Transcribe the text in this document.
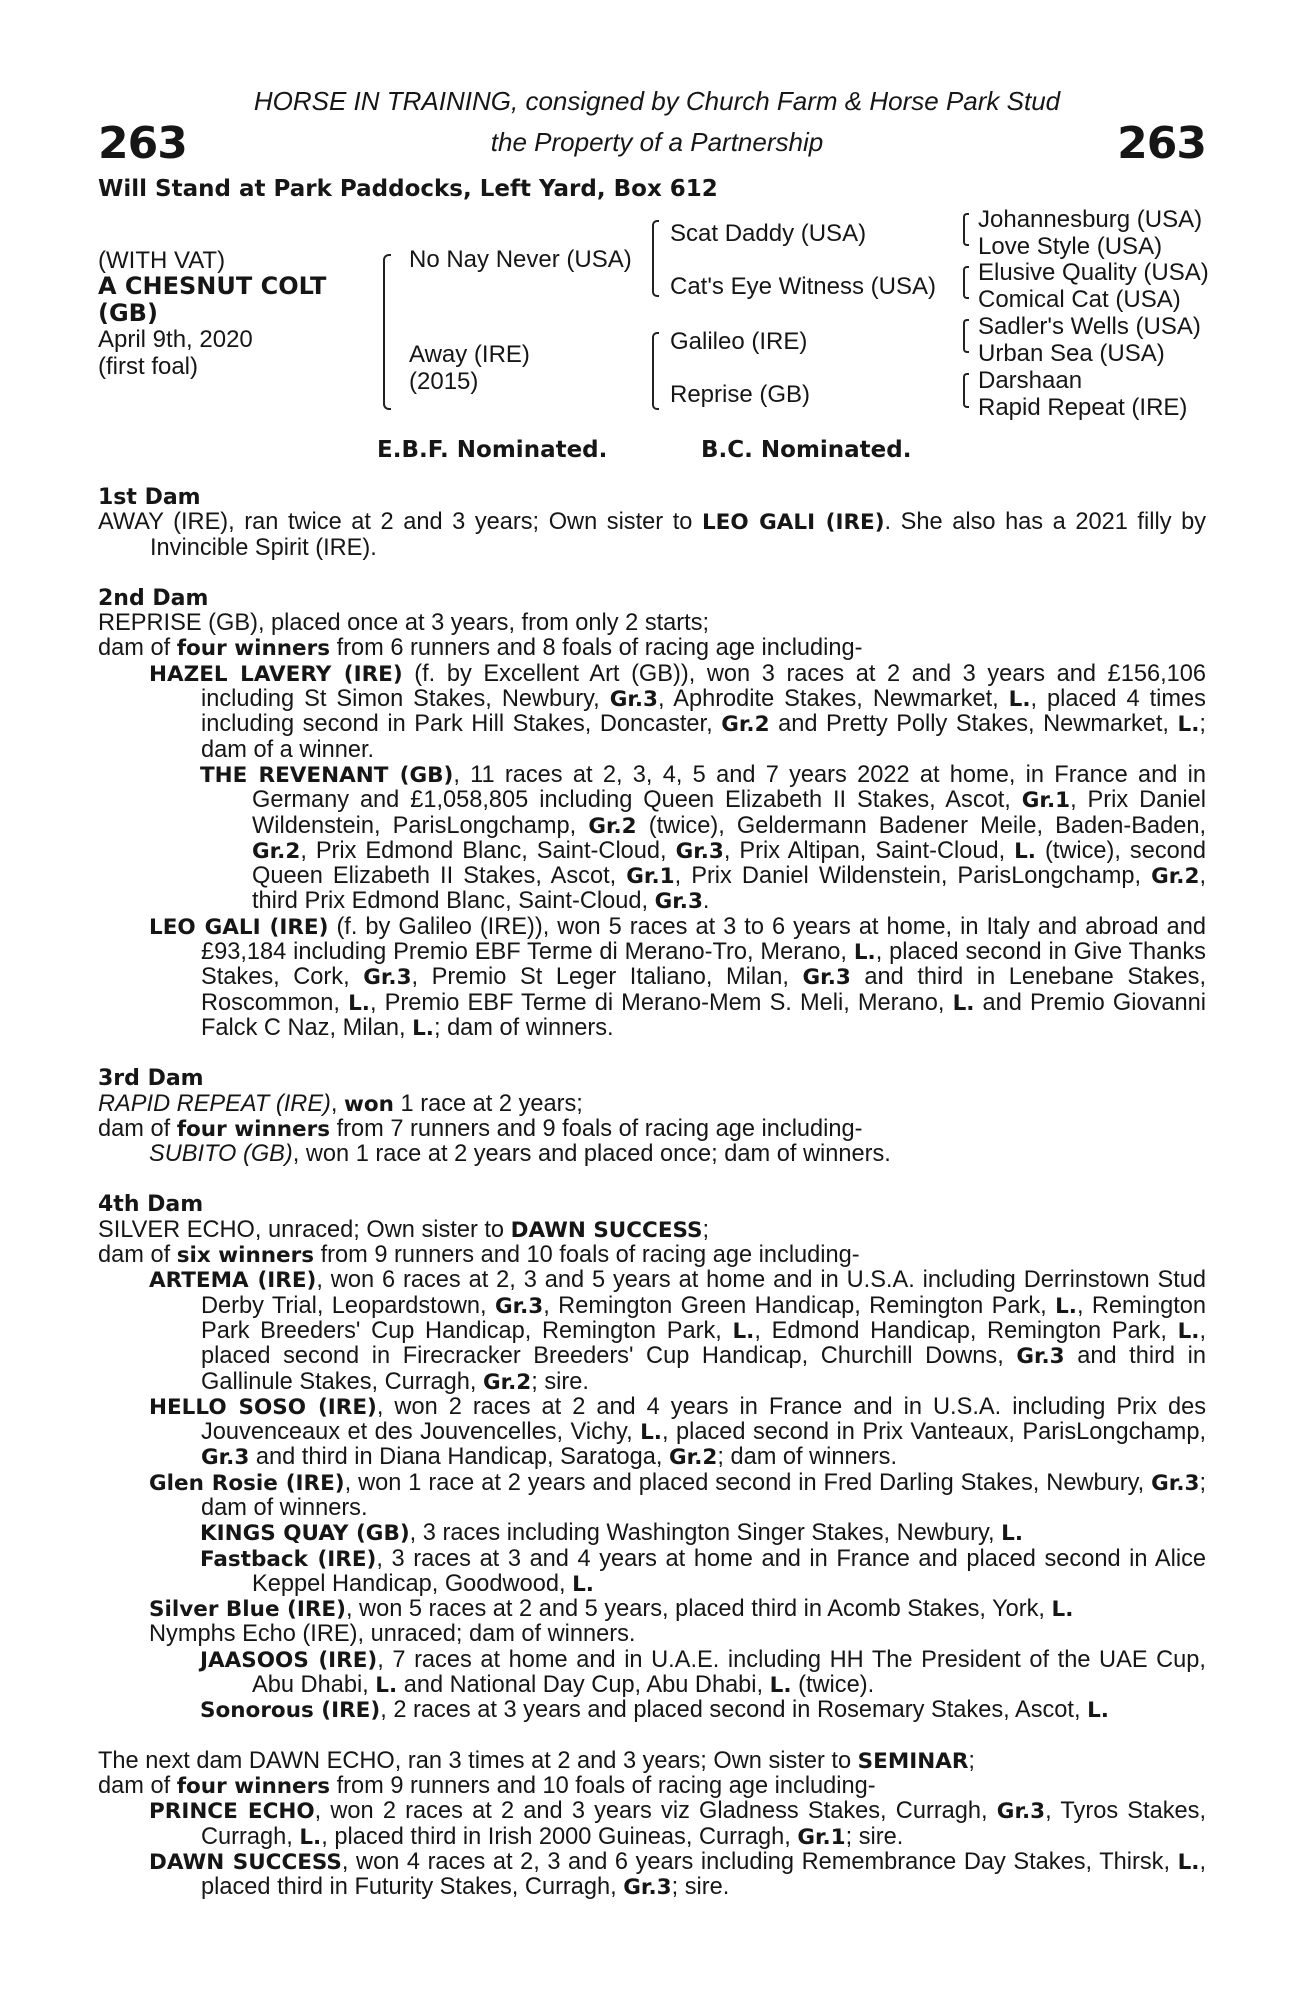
263	263
HORSE IN TRAINING, consigned by Church Farm & Horse Park Stud
the Property of a Partnership
Will Stand at Park Paddocks, Left Yard, Box 612
(WITH VAT)
A CHESNUT COLT
(GB)
April 9th, 2020
(first foal)
No Nay Never (USA)
Away (IRE)
(2015)
Scat Daddy (USA)
Cat's Eye Witness (USA)
Galileo (IRE)
Reprise (GB)
Johannesburg (USA)
Love Style (USA)
Elusive Quality (USA)
Comical Cat (USA)
Sadler's Wells (USA)
Urban Sea (USA)
Darshaan
Rapid Repeat (IRE)
E.B.F. Nominated.	B.C. Nominated.

1st Dam

AWAY (IRE), ran twice at 2 and 3 years; Own sister to LEO GALI (IRE). She also has a 2021 filly by Invincible Spirit (IRE).

2nd Dam

REPRISE (GB), placed once at 3 years, from only 2 starts;

dam of four winners from 6 runners and 8 foals of racing age including-

HAZEL LAVERY (IRE) (f. by Excellent Art (GB)), won 3 races at 2 and 3 years and £156,106 including St Simon Stakes, Newbury, Gr.3, Aphrodite Stakes, Newmarket, L., placed 4 times including second in Park Hill Stakes, Doncaster, Gr.2 and Pretty Polly Stakes, Newmarket, L.; dam of a winner.

THE REVENANT (GB), 11 races at 2, 3, 4, 5 and 7 years 2022 at home, in France and in Germany and £1,058,805 including Queen Elizabeth II Stakes, Ascot, Gr.1, Prix Daniel Wildenstein, ParisLongchamp, Gr.2 (twice), Geldermann Badener Meile, Baden-Baden, Gr.2, Prix Edmond Blanc, Saint-Cloud, Gr.3, Prix Altipan, Saint-Cloud, L. (twice), second Queen Elizabeth II Stakes, Ascot, Gr.1, Prix Daniel Wildenstein, ParisLongchamp, Gr.2, third Prix Edmond Blanc, Saint-Cloud, Gr.3.

LEO GALI (IRE) (f. by Galileo (IRE)), won 5 races at 3 to 6 years at home, in Italy and abroad and £93,184 including Premio EBF Terme di Merano-Tro, Merano, L., placed second in Give Thanks Stakes, Cork, Gr.3, Premio St Leger Italiano, Milan, Gr.3 and third in Lenebane Stakes, Roscommon, L., Premio EBF Terme di Merano-Mem S. Meli, Merano, L. and Premio Giovanni Falck C Naz, Milan, L.; dam of winners.

3rd Dam

RAPID REPEAT (IRE), won 1 race at 2 years;

dam of four winners from 7 runners and 9 foals of racing age including-

SUBITO (GB), won 1 race at 2 years and placed once; dam of winners.

4th Dam

SILVER ECHO, unraced; Own sister to DAWN SUCCESS;

dam of six winners from 9 runners and 10 foals of racing age including-

ARTEMA (IRE), won 6 races at 2, 3 and 5 years at home and in U.S.A. including Derrinstown Stud Derby Trial, Leopardstown, Gr.3, Remington Green Handicap, Remington Park, L., Remington Park Breeders' Cup Handicap, Remington Park, L., Edmond Handicap, Remington Park, L., placed second in Firecracker Breeders' Cup Handicap, Churchill Downs, Gr.3 and third in Gallinule Stakes, Curragh, Gr.2; sire.

HELLO SOSO (IRE), won 2 races at 2 and 4 years in France and in U.S.A. including Prix des Jouvenceaux et des Jouvencelles, Vichy, L., placed second in Prix Vanteaux, ParisLongchamp, Gr.3 and third in Diana Handicap, Saratoga, Gr.2; dam of winners.

Glen Rosie (IRE), won 1 race at 2 years and placed second in Fred Darling Stakes, Newbury, Gr.3; dam of winners.

KINGS QUAY (GB), 3 races including Washington Singer Stakes, Newbury, L.

Fastback (IRE), 3 races at 3 and 4 years at home and in France and placed second in Alice Keppel Handicap, Goodwood, L.

Silver Blue (IRE), won 5 races at 2 and 5 years, placed third in Acomb Stakes, York, L.

Nymphs Echo (IRE), unraced; dam of winners.

JAASOOS (IRE), 7 races at home and in U.A.E. including HH The President of the UAE Cup, Abu Dhabi, L. and National Day Cup, Abu Dhabi, L. (twice).

Sonorous (IRE), 2 races at 3 years and placed second in Rosemary Stakes, Ascot, L.

The next dam DAWN ECHO, ran 3 times at 2 and 3 years; Own sister to SEMINAR;

dam of four winners from 9 runners and 10 foals of racing age including-

PRINCE ECHO, won 2 races at 2 and 3 years viz Gladness Stakes, Curragh, Gr.3, Tyros Stakes, Curragh, L., placed third in Irish 2000 Guineas, Curragh, Gr.1; sire.

DAWN SUCCESS, won 4 races at 2, 3 and 6 years including Remembrance Day Stakes, Thirsk, L., placed third in Futurity Stakes, Curragh, Gr.3; sire.
